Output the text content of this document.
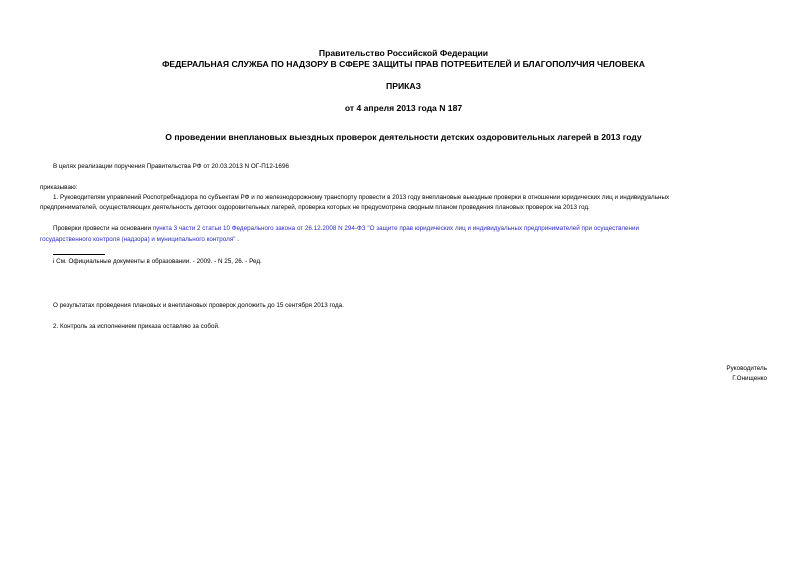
Правительство Российской Федерации
ФЕДЕРАЛЬНАЯ СЛУЖБА ПО НАДЗОРУ В СФЕРЕ ЗАЩИТЫ ПРАВ ПОТРЕБИТЕЛЕЙ И БЛАГОПОЛУЧИЯ ЧЕЛОВЕКА
ПРИКАЗ
от 4 апреля 2013 года N 187
О проведении внеплановых выездных проверок деятельности детских оздоровительных лагерей в 2013 году
В целях реализации поручения Правительства РФ от 20.03.2013 N ОГ-П12-1696
приказываю:
1. Руководителям управлений Роспотребнадзора по субъектам РФ и по железнодорожному транспорту провести в 2013 году внеплановые выездные проверки в отношении юридических лиц и индивидуальных
предпринимателей, осуществляющих деятельность детских оздоровительных лагерей, проверка которых не предусмотрена сводным планом проведения плановых проверок на 2013 год.
Проверки провести на основании пункта 3 части 2 статьи 10 Федерального закона от 26.12.2008 N 294-ФЗ "О защите прав юридических лиц и индивидуальных предпринимателей при осуществлении
государственного контроля (надзора) и муниципального контроля" .
i См. Официальные документы в образовании. - 2009. - N 25, 26. - Ред.
О результатах проведения плановых и внеплановых проверок доложить до 15 сентября 2013 года.
2. Контроль за исполнением приказа оставляю за собой.
Руководитель
Г.Онищенко
